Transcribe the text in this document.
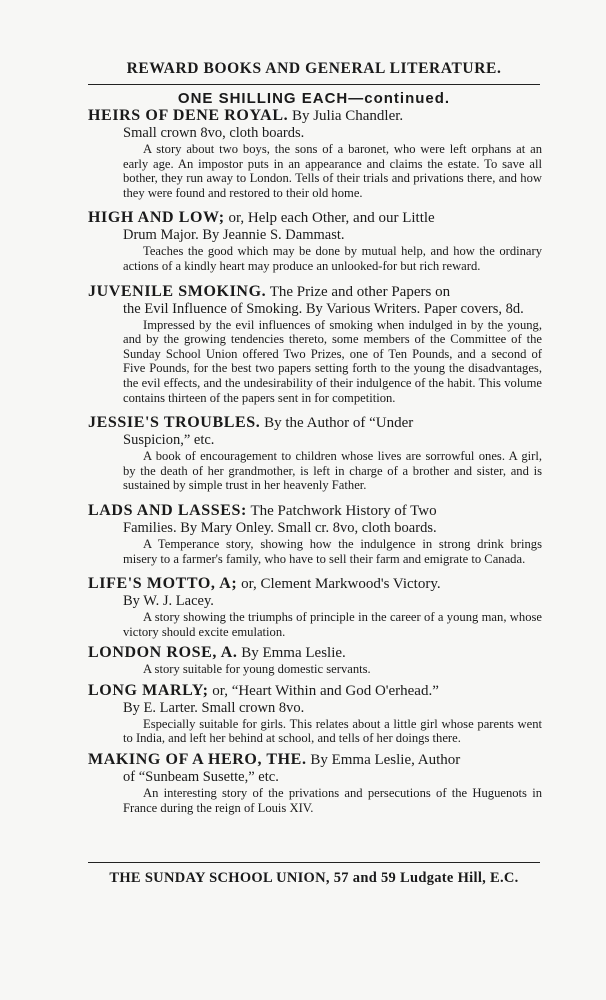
REWARD BOOKS AND GENERAL LITERATURE.
ONE SHILLING EACH—continued.
HEIRS OF DENE ROYAL. By Julia Chandler.
Small crown 8vo, cloth boards.
A story about two boys, the sons of a baronet, who were left orphans at an early age. An impostor puts in an appearance and claims the estate. To save all bother, they run away to London. Tells of their trials and privations there, and how they were found and restored to their old home.
HIGH AND LOW; or, Help each Other, and our Little
Drum Major. By Jeannie S. Dammast.
Teaches the good which may be done by mutual help, and how the ordinary actions of a kindly heart may produce an unlooked-for but rich reward.
JUVENILE SMOKING. The Prize and other Papers on
the Evil Influence of Smoking. By Various Writers. Paper covers, 8d.
Impressed by the evil influences of smoking when indulged in by the young, and by the growing tendencies thereto, some members of the Committee of the Sunday School Union offered Two Prizes, one of Ten Pounds, and a second of Five Pounds, for the best two papers setting forth to the young the disadvantages, the evil effects, and the undesirability of their indulgence of the habit. This volume contains thirteen of the papers sent in for competition.
JESSIE'S TROUBLES. By the Author of “Under
Suspicion,” etc.
A book of encouragement to children whose lives are sorrowful ones. A girl, by the death of her grandmother, is left in charge of a brother and sister, and is sustained by simple trust in her heavenly Father.
LADS AND LASSES: The Patchwork History of Two
Families. By Mary Onley. Small cr. 8vo, cloth boards.
A Temperance story, showing how the indulgence in strong drink brings misery to a farmer's family, who have to sell their farm and emigrate to Canada.
LIFE'S MOTTO, A; or, Clement Markwood's Victory.
By W. J. Lacey.
A story showing the triumphs of principle in the career of a young man, whose victory should excite emulation.
LONDON ROSE, A. By Emma Leslie.
A story suitable for young domestic servants.
LONG MARLY; or, “Heart Within and God O'erhead.”
By E. Larter. Small crown 8vo.
Especially suitable for girls. This relates about a little girl whose parents went to India, and left her behind at school, and tells of her doings there.
MAKING OF A HERO, THE. By Emma Leslie, Author
of “Sunbeam Susette,” etc.
An interesting story of the privations and persecutions of the Huguenots in France during the reign of Louis XIV.
THE SUNDAY SCHOOL UNION, 57 and 59 Ludgate Hill, E.C.
